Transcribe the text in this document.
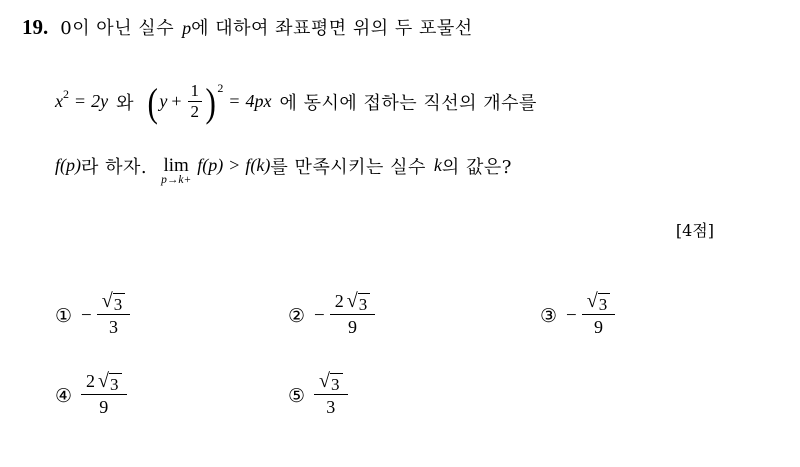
19. 0이 아닌 실수 p 에 대하여 좌표평면 위의 두 포물선
x 2 = 2y 와 ( $y + \frac{1}{2}$ ) 2
= 4px 에 동시에 접하는 직선의 개수를
f(p) 라 하자. lim
p→k+
f(p) > f(k) 를 만족시키는 실수 k 의 값은?
[4점]
① − $\frac{√ 3}{3}$	② − $\frac{2 √ 3}{9}$	③ − $\frac{√ 3}{9}$
④ $\frac{2 √ 3}{9}$	⑤ $\frac{√ 3}{3}$
